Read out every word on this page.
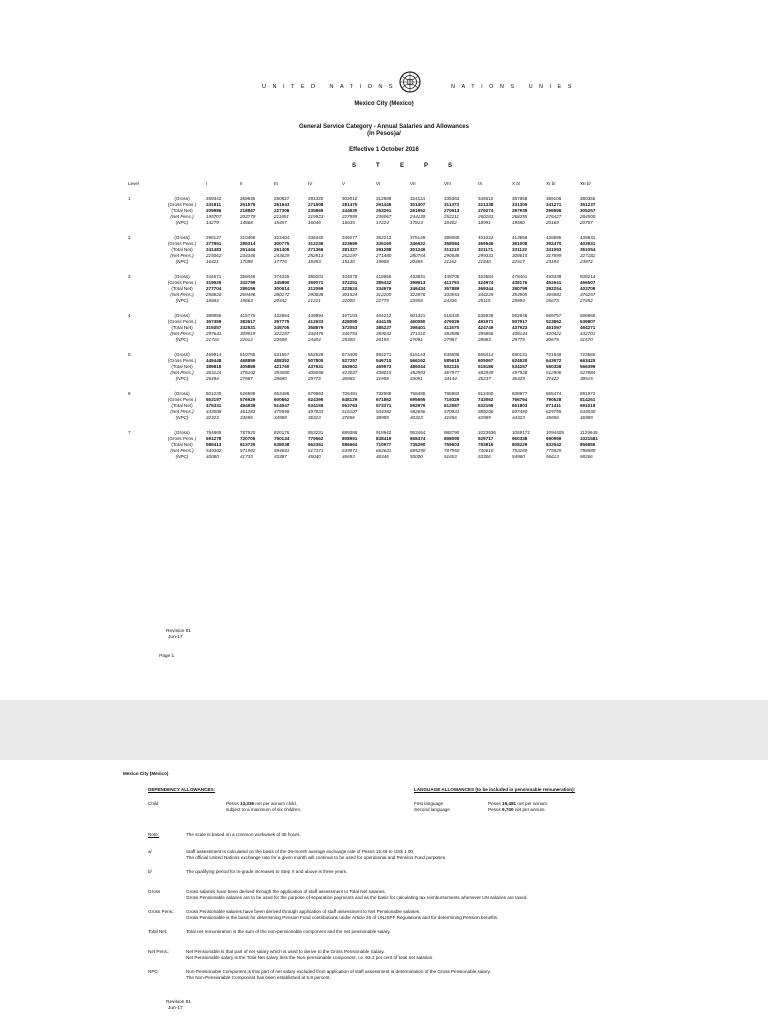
UNITED NATIONS	NATIONS UNIES
Mexico City (Mexico)
General Service Category - Annual Salaries and Allowances
(In Pesos)a/
Effective 1 October 2016
S	T	E	P	S
Level		I	II	III	IV	V	VI	VII	VIII	IX	X b/	XI b/	XII b/

1	(Gross)	259342	269935	280627	291320	302012	312988	324114	335362	346610	357858	369106	380355
	(Gross Pens.)	241811	251576	261543	271508	281475	291446	301407	311373	321338	331305	341271	351237
	(Total Net)	209986	218847	227308	235969	244630	253291	261952	270613	279274	287935	296596	305257
	(Net Pens.)	195707	203779	211851	219923	227995	236067	244139	252211	260283	268355	276427	284500
	(NPC)	14279	14868	15457	16046	16635	17224	17813	18402	18991	19580	20169	20757

2	(Gross)	298127	310468	323404	336340	349277	362213	375149	388086	401022	413958	426895	439831
	(Gross Pens.)	277851	289314	300775	312236	323699	335160	346622	358084	369546	381008	392470	403931
	(Total Net)	241483	251444	261405	271366	281327	291288	301249	311210	321171	331132	341093	351054
	(Net Pens.)	225062	234346	243629	252913	262197	271480	280764	290048	299331	308615	317899	327182
	(NPC)	16421	17098	17776	18453	19130	19808	20485	21162	21840	22517	23194	23872

3	(Gross)	344571	359448	374325	389201	404078	418955	433831	448708	463584	478461	493338	508214
	(Gross Pens.)	319529	332799	345890	359071	372251	385432	398613	411793	424974	438176	452641	466507
	(Total Net)	277704	289159	300614	312069	323524	334979	346434	357889	369344	380799	392254	403709
	(Net Pens.)	258820	269496	280172	290848	301524	312200	322876	333553	344229	354905	365581	376257
	(NPC)	18884	19663	20442	21221	22000	22779	23558	24336	25115	25894	26673	27452

4	(Gross)	388886	415775	432884	449994	467103	484212	501321	518430	535539	552648	569757	586866
	(Gross Pens.)	367459	382617	397775	412933	428090	444135	460080	476026	491971	507917	523862	539807
	(Total Net)	319357	332531	345705	358879	372053	385227	398401	411575	424749	437923	451097	464271
	(Net Pens.)	297641	309919	322197	334475	346753	359032	371310	383588	395866	408144	420422	432701
	(NPC)	21716	22612	23508	24404	25300	26195	27091	27987	28883	29779	30675	31570

5	(Gross)	469914	510786	531557	552529	573400	594271	615143	636696	658414	680131	701849	723566
	(Gross Pens.)	449448	468899	488352	507805	527257	546710	566162	585615	605067	624520	643972	663425
	(Total Net)	389818	405889	421760	437631	453902	469973	486044	502115	518186	534257	550328	566399
	(Net Pens.)	363124	378102	393080	408058	423037	438015	452993	467977	482949	497928	512906	527884
	(NPC)	26494	27587	28680	29773	30865	31958	33051	34144	35237	36329	37422	38515

6	(Gross)	601230	626999	653496	679993	706491	732988	759485	785982	812480	838977	865474	891972
	(Gross Pens.)	553197	576929	600662	624396	648129	671862	695595	719329	743062	766794	790528	814261
	(Total Net)	475331	494939	514547	534155	553763	573371	592979	612587	632195	651803	671411	691019
	(Net Pens.)	443008	461283	479558	497833	516107	534382	552656	570931	589206	607480	625755	644030
	(NPC)	32323	33656	34989	36323	37656	38989	40323	41656	42989	44323	45656	46989

7	(Gross)	754865	787520	820176	853231	889386	918942	953464	988790	1023936	1059172	1094409	1129645
	(Gross Pens.)	691278	720705	750134	779562	808991	838419	868474	898095	929717	960338	990959	1021581
	(Total Net)	589413	613725	638038	662351	686664	710977	735290	759603	783916	808229	832542	856855
	(Net Pens.)	549302	571992	594681	617371	639971	662631	685290	707950	730610	753269	775929	798589
	(NPC)	40080	41733	43387	45040	46693	48346	50000	51653	53306	54960	56613	58266

Revision 81
Jun-17
Page 1
Mexico City (Mexico)
DEPENDENCY ALLOWANCES:	LANGUAGE ALLOWANCES (to be included in pensionable remuneration):
Child	Pesos 13,336 net per annum child,
subject to a maximum of six children.
First language	Pesos 19,481 net per annum.
Second language	Pesos 9,740 net per annum.
Note:	The scale is based on a common workweek of 35 hours.
a/	Staff assessment is calculated on the basis of the 36-month average exchange rate of Pesos 15.48 to US$ 1.00.
The official United Nations exchange rate for a given month will continue to be used for operational and Pension Fund purposes.
b/	The qualifying period for in-grade increases to Step X and above is three years.
Gross	Gross salaries have been derived through the application of staff assessment to Total Net salaries.
Gross Pensionable salaries are to be used for the purpose of separation payments and as the basis for calculating tax reimbursements whenever UN salaries are taxed.
Gross Pens.: Gross Pensionable salaries have been derived through application of staff assessment to Net Pensionable salaries.
Gross Pensionable is the basis for determining Pension Fund contributions under Article 25 of UNJSPF Regulations and for determining Pension benefits.
Total Net:	Total net remuneration is the sum of the non-pensionable component and the net pensionable salary.
Net Pens.:	Net Pensionable is that part of net salary which is used to derive to the Gross Pensionable Salary.
Net Pensionable salary is the Total Net salary less the Non-pensionable component, i.e. 93.2 per cent of total net salaries.
NPC:	Non-Pensionable Component is that part of net salary excluded from application of staff assessment in determination of the Gross Pensionable salary.
The Non-Pensionable Component has been established at 6.8 percent.
Revision 81
Jun-17
